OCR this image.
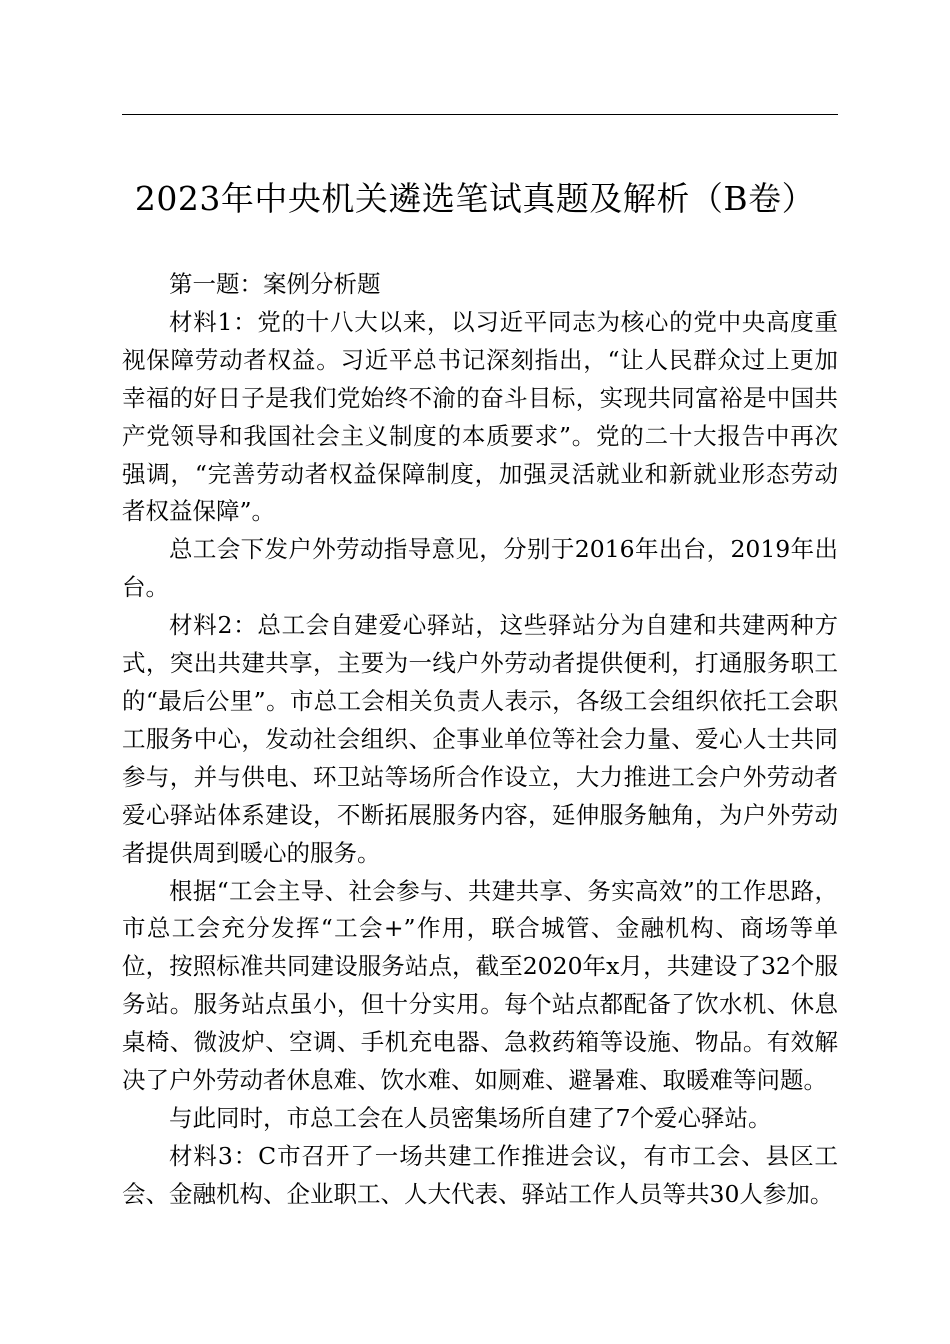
2023年中央机关遴选笔试真题及解析（B卷）

第一题：案例分析题

材料1：党的十八大以来，以习近平同志为核心的党中央高度重视保障劳动者权益。习近平总书记深刻指出，“让人民群众过上更加幸福的好日子是我们党始终不渝的奋斗目标，实现共同富裕是中国共产党领导和我国社会主义制度的本质要求”。党的二十大报告中再次强调，“完善劳动者权益保障制度，加强灵活就业和新就业形态劳动者权益保障”。

总工会下发户外劳动指导意见，分别于2016年出台，2019年出台。

材料2：总工会自建爱心驿站，这些驿站分为自建和共建两种方式，突出共建共享，主要为一线户外劳动者提供便利，打通服务职工的“最后公里”。市总工会相关负责人表示，各级工会组织依托工会职工服务中心，发动社会组织、企事业单位等社会力量、爱心人士共同参与，并与供电、环卫站等场所合作设立，大力推进工会户外劳动者爱心驿站体系建设，不断拓展服务内容，延伸服务触角，为户外劳动者提供周到暖心的服务。

根据“工会主导、社会参与、共建共享、务实高效”的工作思路，市总工会充分发挥“工会+”作用，联合城管、金融机构、商场等单位，按照标准共同建设服务站点，截至2020年x月，共建设了32个服务站。服务站点虽小，但十分实用。每个站点都配备了饮水机、休息桌椅、微波炉、空调、手机充电器、急救药箱等设施、物品。有效解决了户外劳动者休息难、饮水难、如厕难、避暑难、取暖难等问题。

与此同时，市总工会在人员密集场所自建了7个爱心驿站。

材料3：C市召开了一场共建工作推进会议，有市工会、县区工会、金融机构、企业职工、人大代表、驿站工作人员等共30人参加。
